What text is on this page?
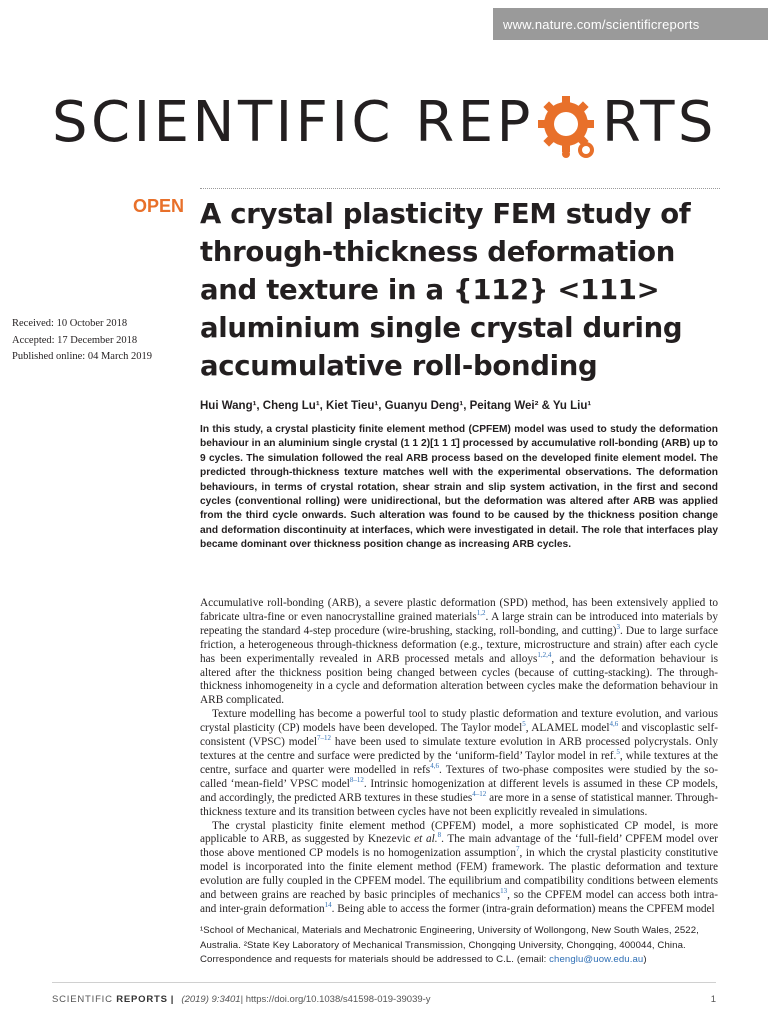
www.nature.com/scientificreports
SCIENTIFIC REP RTS
OPEN A crystal plasticity FEM study of through-thickness deformation and texture in a {112} <111> aluminium single crystal during accumulative roll-bonding
Received: 10 October 2018
Accepted: 17 December 2018
Published online: 04 March 2019
Hui Wang¹, Cheng Lu¹, Kiet Tieu¹, Guanyu Deng¹, Peitang Wei² & Yu Liu¹

In this study, a crystal plasticity finite element method (CPFEM) model was used to study the deformation behaviour in an aluminium single crystal (1 1 2)[1 1 1̄] processed by accumulative roll-bonding (ARB) up to 9 cycles. The simulation followed the real ARB process based on the developed finite element model. The predicted through-thickness texture matches well with the experimental observations. The deformation behaviours, in terms of crystal rotation, shear strain and slip system activation, in the first and second cycles (conventional rolling) were unidirectional, but the deformation was altered after ARB was applied from the third cycle onwards. Such alteration was found to be caused by the thickness position change and deformation discontinuity at interfaces, which were investigated in detail. The role that interfaces play became dominant over thickness position change as increasing ARB cycles.

Accumulative roll-bonding (ARB), a severe plastic deformation (SPD) method, has been extensively applied to fabricate ultra-fine or even nanocrystalline grained materials$^{1,2}$. A large strain can be introduced into materials by repeating the standard 4-step procedure (wire-brushing, stacking, roll-bonding, and cutting)$^3$. Due to large surface friction, a heterogeneous through-thickness deformation (e.g., texture, microstructure and strain) after each cycle has been experimentally revealed in ARB processed metals and alloys$^{1,2,4}$, and the deformation behaviour is altered after the thickness position being changed between cycles (because of cutting-stacking). The through-thickness inhomogeneity in a cycle and deformation alteration between cycles make the deformation behaviour in ARB complicated.

Texture modelling has become a powerful tool to study plastic deformation and texture evolution, and various crystal plasticity (CP) models have been developed. The Taylor model$^5$, ALAMEL model$^{4,6}$ and viscoplastic self-consistent (VPSC) model$^{7-12}$ have been used to simulate texture evolution in ARB processed polycrystals. Only textures at the centre and surface were predicted by the ‘uniform-field’ Taylor model in ref.$^5$, while textures at the centre, surface and quarter were modelled in refs$^{4,6}$. Textures of two-phase composites were studied by the so-called ‘mean-field’ VPSC model$^{8-12}$. Intrinsic homogenization at different levels is assumed in these CP models, and accordingly, the predicted ARB textures in these studies$^{4-12}$ are more in a sense of statistical manner. Through-thickness texture and its transition between cycles have not been explicitly revealed in simulations.

The crystal plasticity finite element method (CPFEM) model, a more sophisticated CP model, is more applicable to ARB, as suggested by Knezevic et al.$^8$. The main advantage of the ‘full-field’ CPFEM model over those above mentioned CP models is no homogenization assumption$^7$, in which the crystal plasticity constitutive model is incorporated into the finite element method (FEM) framework. The plastic deformation and texture evolution are fully coupled in the CPFEM model. The equilibrium and compatibility conditions between elements and between grains are reached by basic principles of mechanics$^{13}$, so the CPFEM model can access both intra- and inter-grain deformation$^{14}$. Being able to access the former (intra-grain deformation) means the CPFEM model

¹School of Mechanical, Materials and Mechatronic Engineering, University of Wollongong, New South Wales, 2522, Australia. ²State Key Laboratory of Mechanical Transmission, Chongqing University, Chongqing, 400044, China. Correspondence and requests for materials should be addressed to C.L. (email: chenglu@uow.edu.au)
SCIENTIFIC REPORTS | (2019) 9:3401 | https://doi.org/10.1038/s41598-019-39039-y	1
